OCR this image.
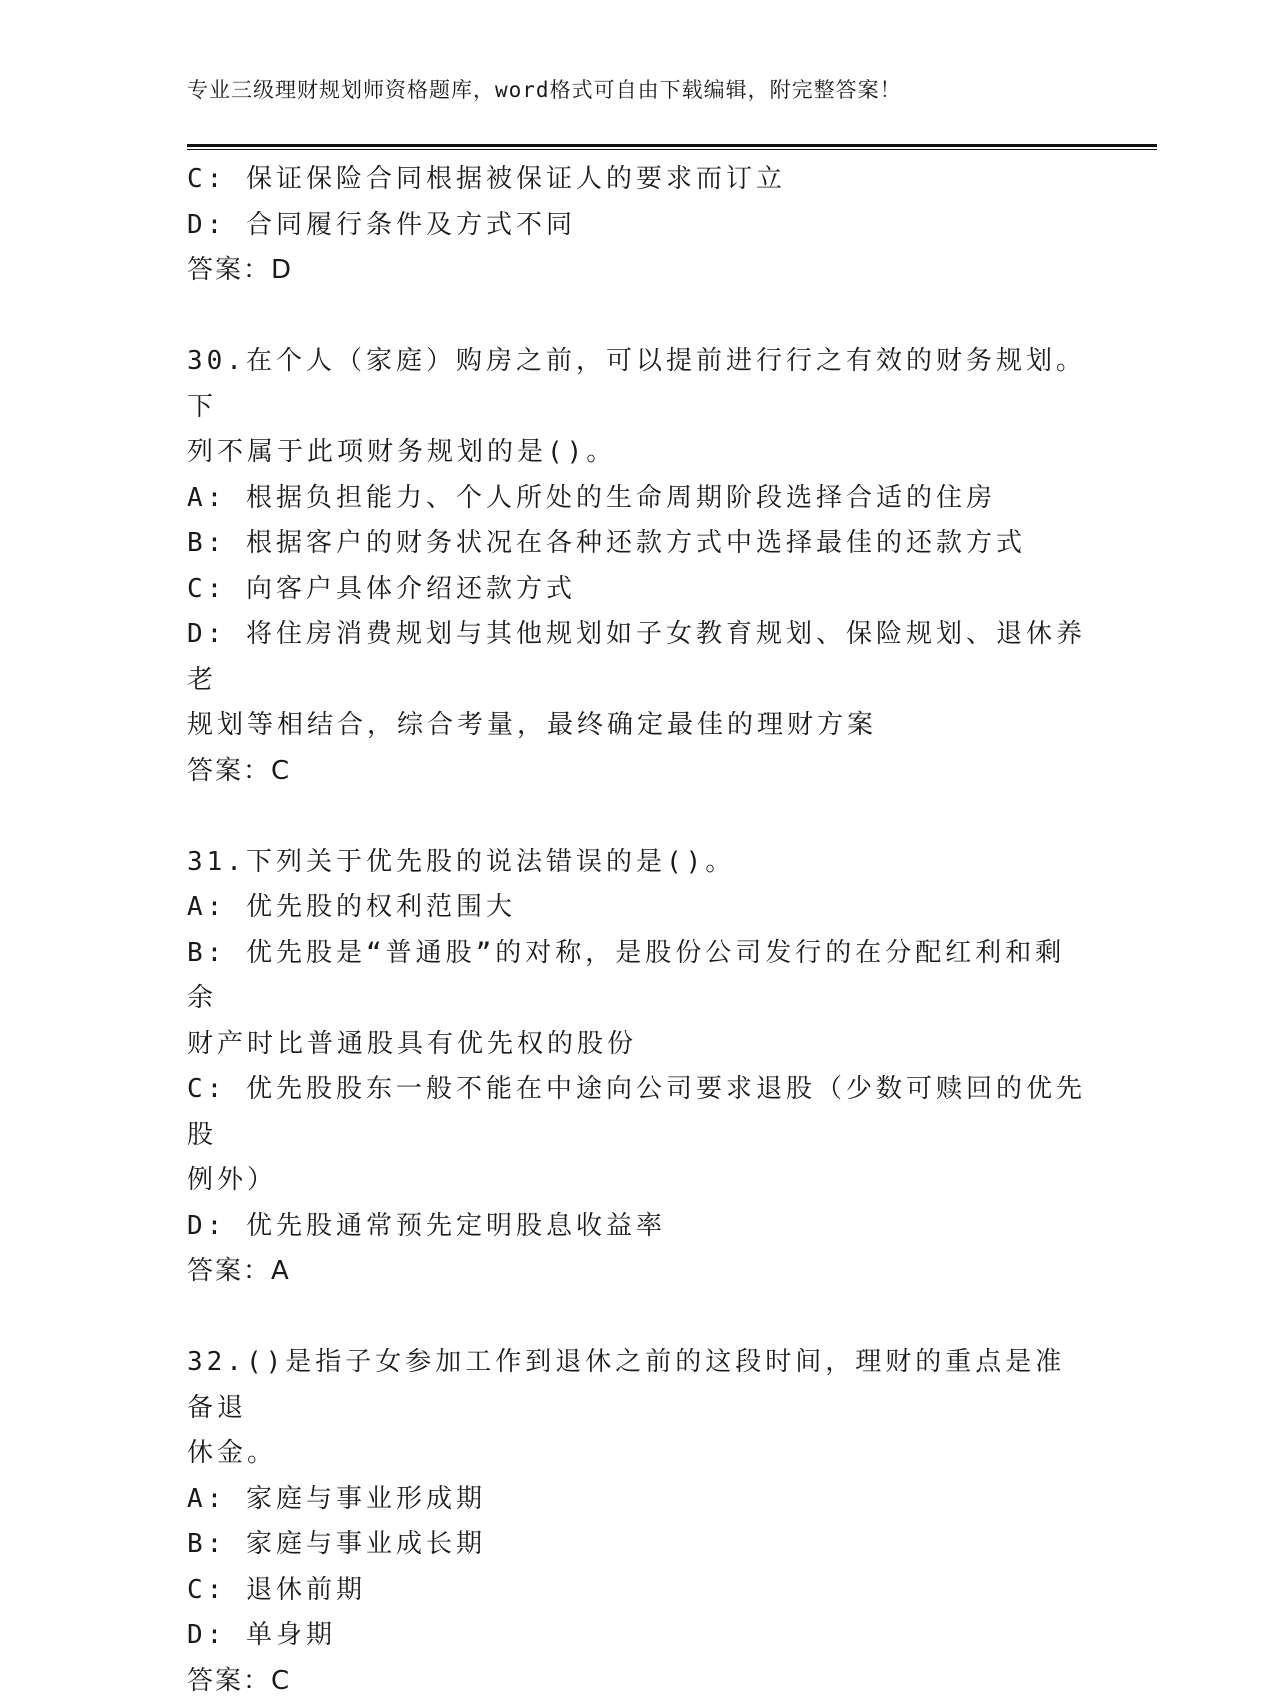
专业三级理财规划师资格题库，word格式可自由下载编辑，附完整答案！

C: 保证保险合同根据被保证人的要求而订立

D: 合同履行条件及方式不同

答案：D

30.在个人（家庭）购房之前，可以提前进行行之有效的财务规划。下

列不属于此项财务规划的是()。

A: 根据负担能力、个人所处的生命周期阶段选择合适的住房

B: 根据客户的财务状况在各种还款方式中选择最佳的还款方式

C: 向客户具体介绍还款方式

D: 将住房消费规划与其他规划如子女教育规划、保险规划、退休养老

规划等相结合，综合考量，最终确定最佳的理财方案

答案：C

31.下列关于优先股的说法错误的是()。

A: 优先股的权利范围大

B: 优先股是“普通股”的对称，是股份公司发行的在分配红利和剩余

财产时比普通股具有优先权的股份

C: 优先股股东一般不能在中途向公司要求退股（少数可赎回的优先股

例外）

D: 优先股通常预先定明股息收益率

答案：A

32.()是指子女参加工作到退休之前的这段时间，理财的重点是准备退

休金。

A: 家庭与事业形成期

B: 家庭与事业成长期

C: 退休前期

D: 单身期

答案：C
